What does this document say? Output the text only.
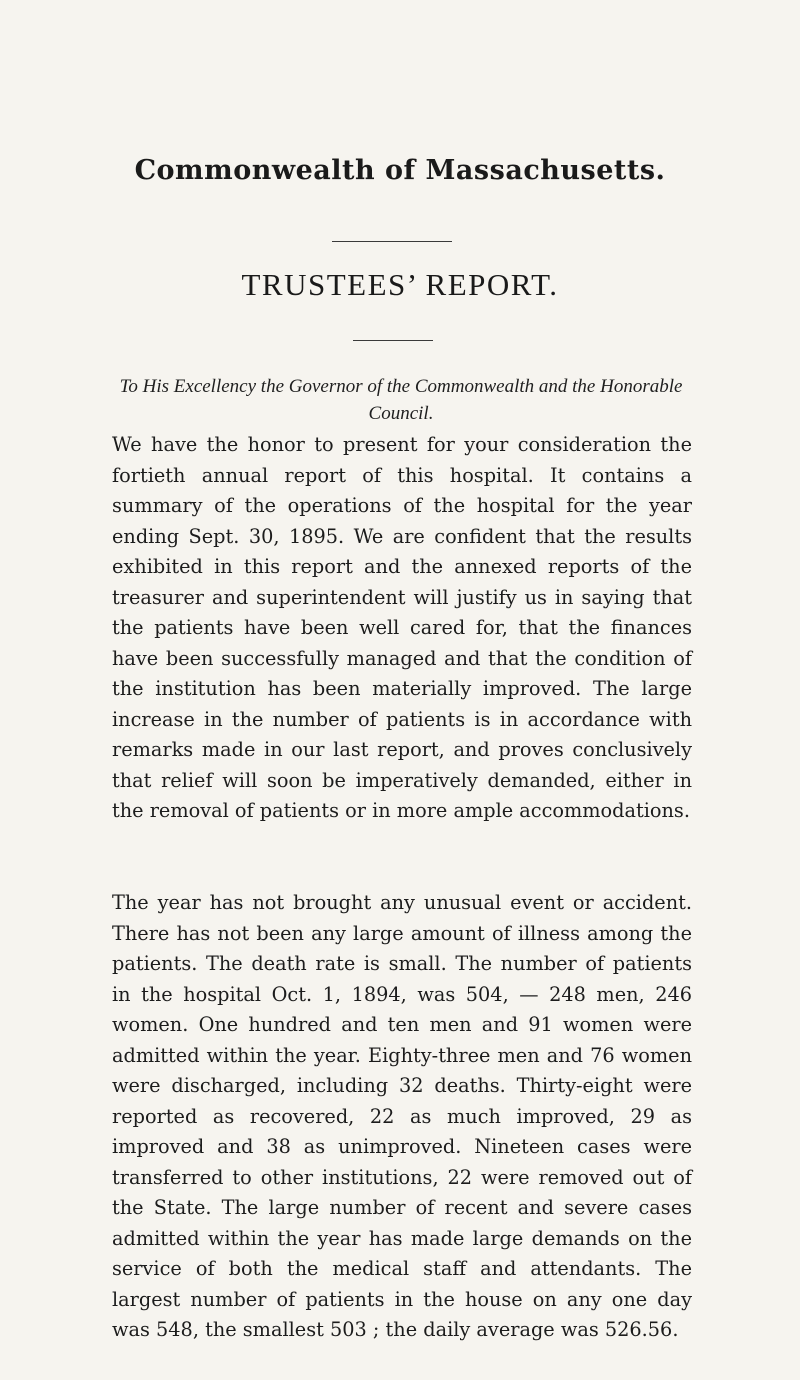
Commonwealth of Massachusetts.
TRUSTEES’ REPORT.
To His Excellency the Governor of the Commonwealth and the Honorable Council.

We have the honor to present for your consideration the fortieth annual report of this hospital. It contains a summary of the operations of the hospital for the year ending Sept. 30, 1895. We are confident that the results exhibited in this report and the annexed reports of the treasurer and superintendent will justify us in saying that the patients have been well cared for, that the finances have been successfully managed and that the condition of the institution has been materially improved. The large increase in the number of patients is in accordance with remarks made in our last report, and proves conclusively that relief will soon be imperatively demanded, either in the removal of patients or in more ample accommodations.

The year has not brought any unusual event or accident. There has not been any large amount of illness among the patients. The death rate is small. The number of patients in the hospital Oct. 1, 1894, was 504, — 248 men, 246 women. One hundred and ten men and 91 women were admitted within the year. Eighty-three men and 76 women were discharged, including 32 deaths. Thirty-eight were reported as recovered, 22 as much improved, 29 as improved and 38 as unimproved. Nineteen cases were transferred to other institutions, 22 were removed out of the State. The large number of recent and severe cases admitted within the year has made large demands on the service of both the medical staff and attendants. The largest number of patients in the house on any one day was 548, the smallest 503 ; the daily average was 526.56.
